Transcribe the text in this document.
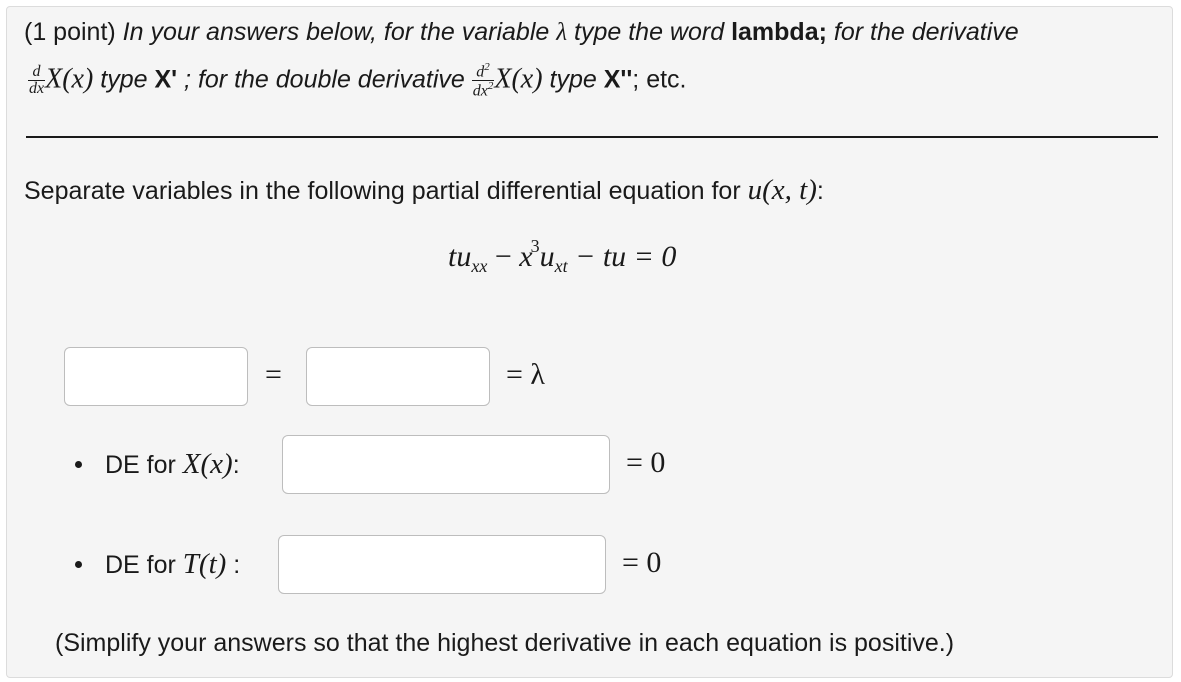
(1 point) In your answers below, for the variable λ type the word lambda; for the derivative
$\frac{d}{dx} X(x)$ type X' ; for the double derivative $\frac{d^2}{dx^2} X(x)$ type X''; etc.
Separate variables in the following partial differential equation for u(x, t):
$tu_{xx} - x^3u_{xt}$ − tu = 0
=	= λ
DE for X(x):	= 0
DE for T(t) :	= 0
(Simplify your answers so that the highest derivative in each equation is positive.)
